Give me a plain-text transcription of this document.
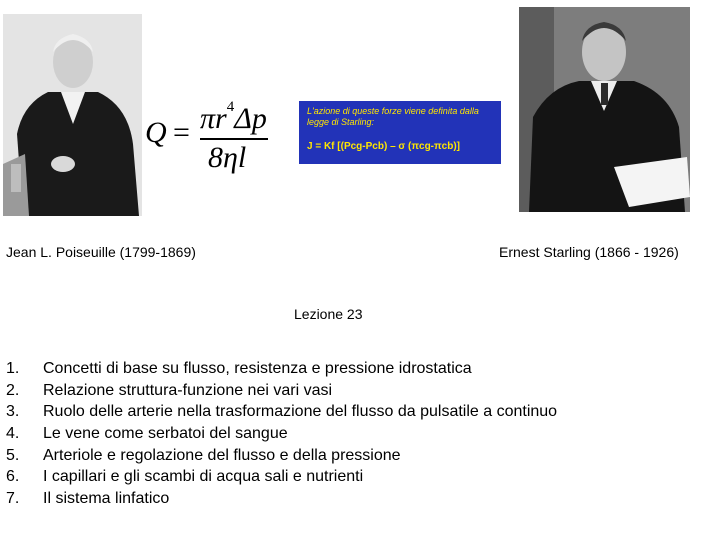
$Q = \pi r^4\Delta p$
8ηl
L'azione di queste forze viene definita dalla legge di Starling:
J = Kf [(Pcg-Pcb) – σ (πcg-πcb)]
Jean L. Poiseuille (1799-1869)	Ernest Starling (1866 - 1926)
Lezione 23
1. Concetti di base su flusso, resistenza e pressione idrostatica
2. Relazione struttura-funzione nei vari vasi
3. Ruolo delle arterie nella trasformazione del flusso da pulsatile a continuo
4. Le vene come serbatoi del sangue
5. Arteriole e regolazione del flusso e della pressione
6. I capillari e gli scambi di acqua sali e nutrienti
7. Il sistema linfatico
